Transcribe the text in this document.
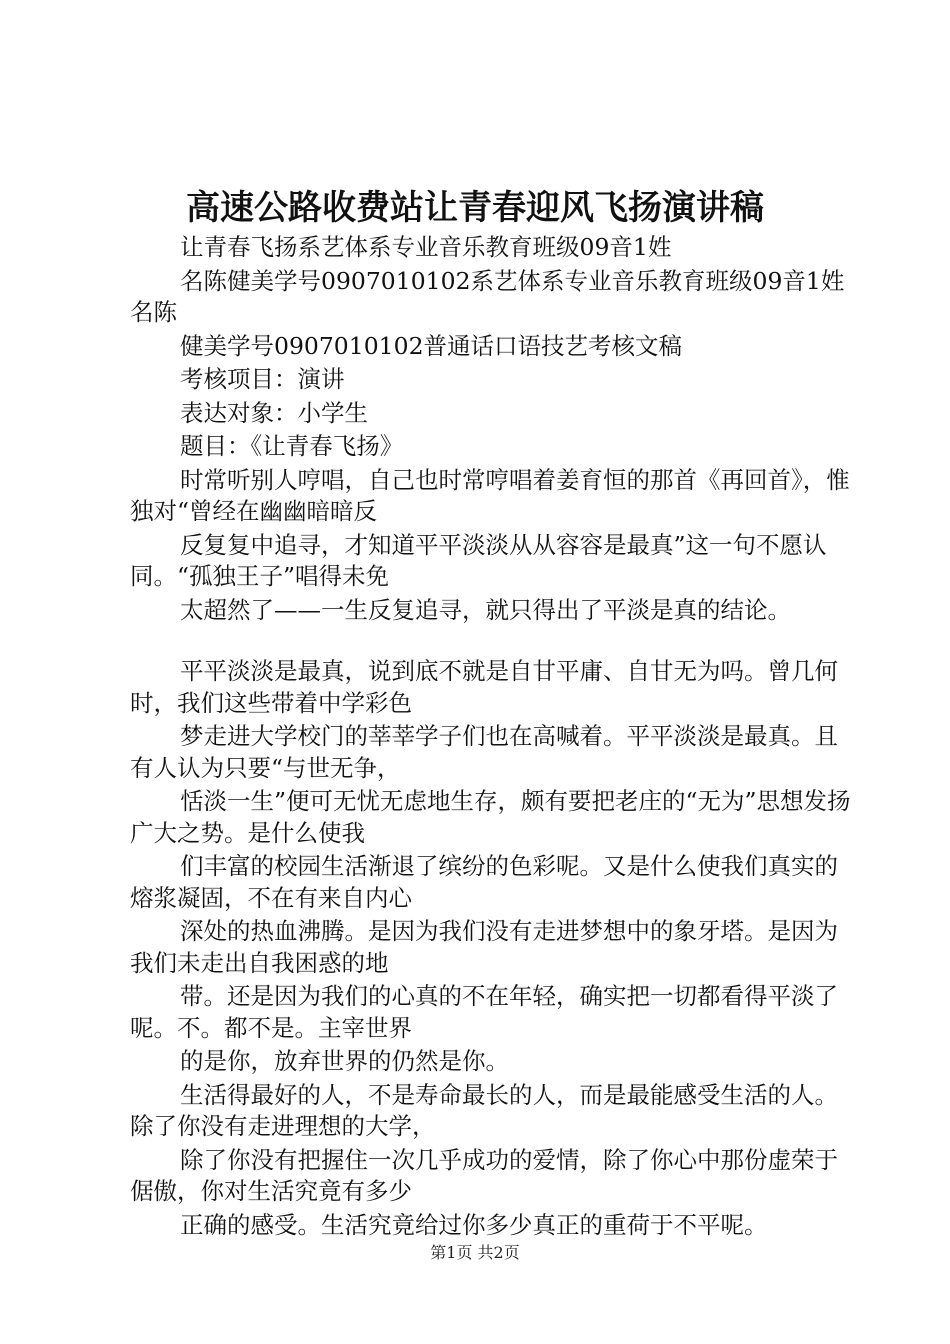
高速公路收费站让青春迎风飞扬演讲稿

让青春飞扬系艺体系专业音乐教育班级09音1姓

名陈健美学号0907010102系艺体系专业音乐教育班级09音1姓名陈

健美学号0907010102普通话口语技艺考核文稿

考核项目：演讲

表达对象：小学生

题目：《让青春飞扬》

时常听别人哼唱，自己也时常哼唱着姜育恒的那首《再回首》，惟独对“曾经在幽幽暗暗反

反复复中追寻，才知道平平淡淡从从容容是最真”这一句不愿认同。“孤独王子”唱得未免

太超然了——一生反复追寻，就只得出了平淡是真的结论。

平平淡淡是最真，说到底不就是自甘平庸、自甘无为吗。曾几何时，我们这些带着中学彩色

梦走进大学校门的莘莘学子们也在高喊着。平平淡淡是最真。且有人认为只要“与世无争，

恬淡一生”便可无忧无虑地生存，颇有要把老庄的“无为”思想发扬广大之势。是什么使我

们丰富的校园生活渐退了缤纷的色彩呢。又是什么使我们真实的熔浆凝固，不在有来自内心

深处的热血沸腾。是因为我们没有走进梦想中的象牙塔。是因为我们未走出自我困惑的地

带。还是因为我们的心真的不在年轻，确实把一切都看得平淡了呢。不。都不是。主宰世界

的是你，放弃世界的仍然是你。

生活得最好的人，不是寿命最长的人，而是最能感受生活的人。除了你没有走进理想的大学，

除了你没有把握住一次几乎成功的爱情，除了你心中那份虚荣于倨傲，你对生活究竟有多少

正确的感受。生活究竟给过你多少真正的重荷于不平呢。

第1页 共2页
